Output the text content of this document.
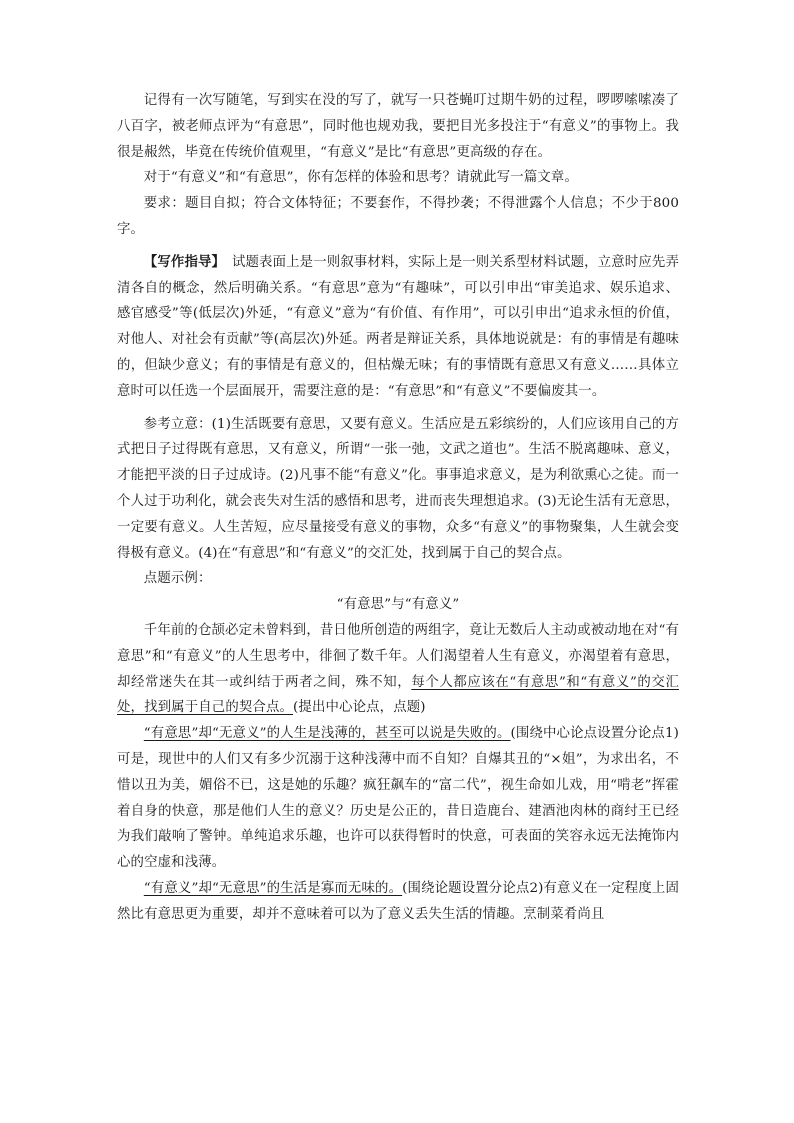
记得有一次写随笔，写到实在没的写了，就写一只苍蝇叮过期牛奶的过程，啰啰嗦嗦凑了八百字，被老师点评为“有意思”，同时他也规劝我，要把目光多投注于“有意义”的事物上。我很是赧然，毕竟在传统价值观里，“有意义”是比“有意思”更高级的存在。

对于“有意义”和“有意思”，你有怎样的体验和思考？请就此写一篇文章。

要求：题目自拟；符合文体特征；不要套作，不得抄袭；不得泄露个人信息；不少于800字。

【写作指导】　试题表面上是一则叙事材料，实际上是一则关系型材料试题，立意时应先弄清各自的概念，然后明确关系。“有意思”意为“有趣味”，可以引申出“审美追求、娱乐追求、感官感受”等(低层次)外延，“有意义”意为“有价值、有作用”，可以引申出“追求永恒的价值，对他人、对社会有贡献”等(高层次)外延。两者是辩证关系，具体地说就是：有的事情是有趣味的，但缺少意义；有的事情是有意义的，但枯燥无味；有的事情既有意思又有意义……具体立意时可以任选一个层面展开，需要注意的是：“有意思”和“有意义”不要偏废其一。

参考立意：(1)生活既要有意思，又要有意义。生活应是五彩缤纷的，人们应该用自己的方式把日子过得既有意思，又有意义，所谓“一张一弛，文武之道也”。生活不脱离趣味、意义，才能把平淡的日子过成诗。(2)凡事不能“有意义”化。事事追求意义，是为利欲熏心之徒。而一个人过于功利化，就会丧失对生活的感悟和思考，进而丧失理想追求。(3)无论生活有无意思，一定要有意义。人生苦短，应尽量接受有意义的事物，众多“有意义”的事物聚集，人生就会变得极有意义。(4)在“有意思”和“有意义”的交汇处，找到属于自己的契合点。

点题示例：

“有意思”与“有意义”

千年前的仓颉必定未曾料到，昔日他所创造的两组字，竟让无数后人主动或被动地在对“有意思”和“有意义”的人生思考中，徘徊了数千年。人们渴望着人生有意义，亦渴望着有意思，却经常迷失在其一或纠结于两者之间，殊不知，每个人都应该在“有意思”和“有意义”的交汇处，找到属于自己的契合点。(提出中心论点，点题)

“有意思”却“无意义”的人生是浅薄的，甚至可以说是失败的。(围绕中心论点设置分论点1)可是，现世中的人们又有多少沉溺于这种浅薄中而不自知？自爆其丑的“×姐”，为求出名，不惜以丑为美，媚俗不已，这是她的乐趣？疯狂飙车的“富二代”，视生命如儿戏，用“啃老”挥霍着自身的快意，那是他们人生的意义？历史是公正的，昔日造鹿台、建酒池肉林的商纣王已经为我们敲响了警钟。单纯追求乐趣，也许可以获得暂时的快意，可表面的笑容永远无法掩饰内心的空虚和浅薄。

“有意义”却“无意思”的生活是寡而无味的。(围绕论题设置分论点2)有意义在一定程度上固然比有意思更为重要，却并不意味着可以为了意义丢失生活的情趣。烹制菜肴尚且
